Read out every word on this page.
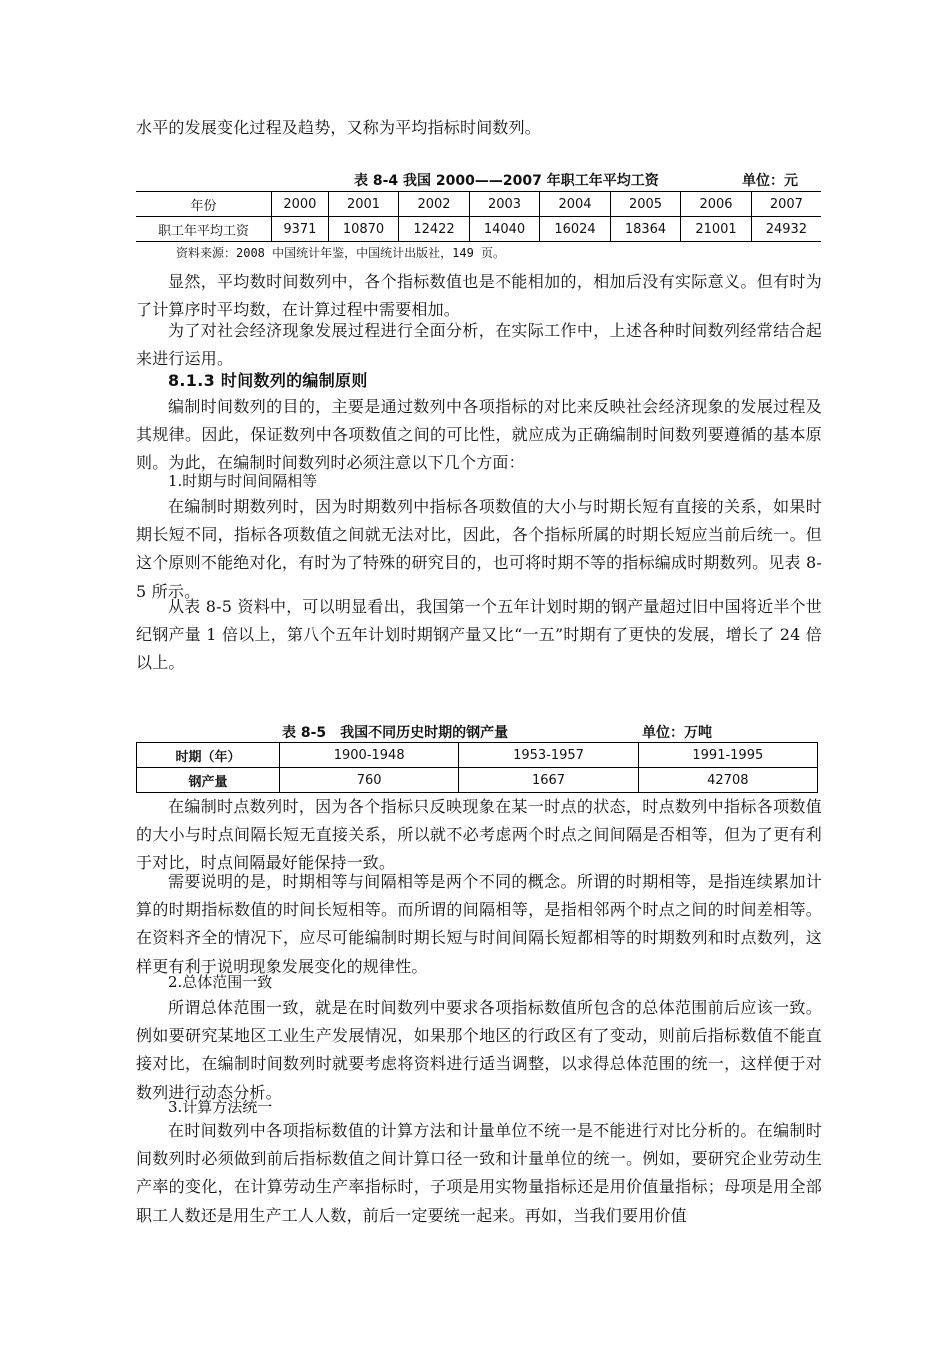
水平的发展变化过程及趋势，又称为平均指标时间数列。

表 8-4 我国 2000——2007 年职工年平均工资	单位：元
年份	2000	2001	2002	2003	2004	2005	2006	2007
职工年平均工资	9371	10870	12422	14040	16024	18364	21001	24932
资料来源：2008 中国统计年鉴，中国统计出版社，149 页。

显然，平均数时间数列中，各个指标数值也是不能相加的，相加后没有实际意义。但有时为了计算序时平均数，在计算过程中需要相加。

为了对社会经济现象发展过程进行全面分析，在实际工作中，上述各种时间数列经常结合起来进行运用。

8.1.3 时间数列的编制原则

编制时间数列的目的，主要是通过数列中各项指标的对比来反映社会经济现象的发展过程及其规律。因此，保证数列中各项数值之间的可比性，就应成为正确编制时间数列要遵循的基本原则。为此，在编制时间数列时必须注意以下几个方面：

1.时期与时间间隔相等

在编制时期数列时，因为时期数列中指标各项数值的大小与时期长短有直接的关系，如果时期长短不同，指标各项数值之间就无法对比，因此，各个指标所属的时期长短应当前后统一。但这个原则不能绝对化，有时为了特殊的研究目的，也可将时期不等的指标编成时期数列。见表 8-5 所示。

从表 8-5 资料中，可以明显看出，我国第一个五年计划时期的钢产量超过旧中国将近半个世纪钢产量 1 倍以上，第八个五年计划时期钢产量又比“一五”时期有了更快的发展，增长了 24 倍以上。

表 8-5　我国不同历史时期的钢产量	单位：万吨
时期（年）	1900-1948	1953-1957	1991-1995
钢产量	760	1667	42708

在编制时点数列时，因为各个指标只反映现象在某一时点的状态，时点数列中指标各项数值的大小与时点间隔长短无直接关系，所以就不必考虑两个时点之间间隔是否相等，但为了更有利于对比，时点间隔最好能保持一致。

需要说明的是，时期相等与间隔相等是两个不同的概念。所谓的时期相等，是指连续累加计算的时期指标数值的时间长短相等。而所谓的间隔相等，是指相邻两个时点之间的时间差相等。在资料齐全的情况下，应尽可能编制时期长短与时间间隔长短都相等的时期数列和时点数列，这样更有利于说明现象发展变化的规律性。

2.总体范围一致

所谓总体范围一致，就是在时间数列中要求各项指标数值所包含的总体范围前后应该一致。例如要研究某地区工业生产发展情况，如果那个地区的行政区有了变动，则前后指标数值不能直接对比，在编制时间数列时就要考虑将资料进行适当调整，以求得总体范围的统一，这样便于对数列进行动态分析。

3.计算方法统一

在时间数列中各项指标数值的计算方法和计量单位不统一是不能进行对比分析的。在编制时间数列时必须做到前后指标数值之间计算口径一致和计量单位的统一。例如，要研究企业劳动生产率的变化，在计算劳动生产率指标时，子项是用实物量指标还是用价值量指标；母项是用全部职工人数还是用生产工人人数，前后一定要统一起来。再如，当我们要用价值
